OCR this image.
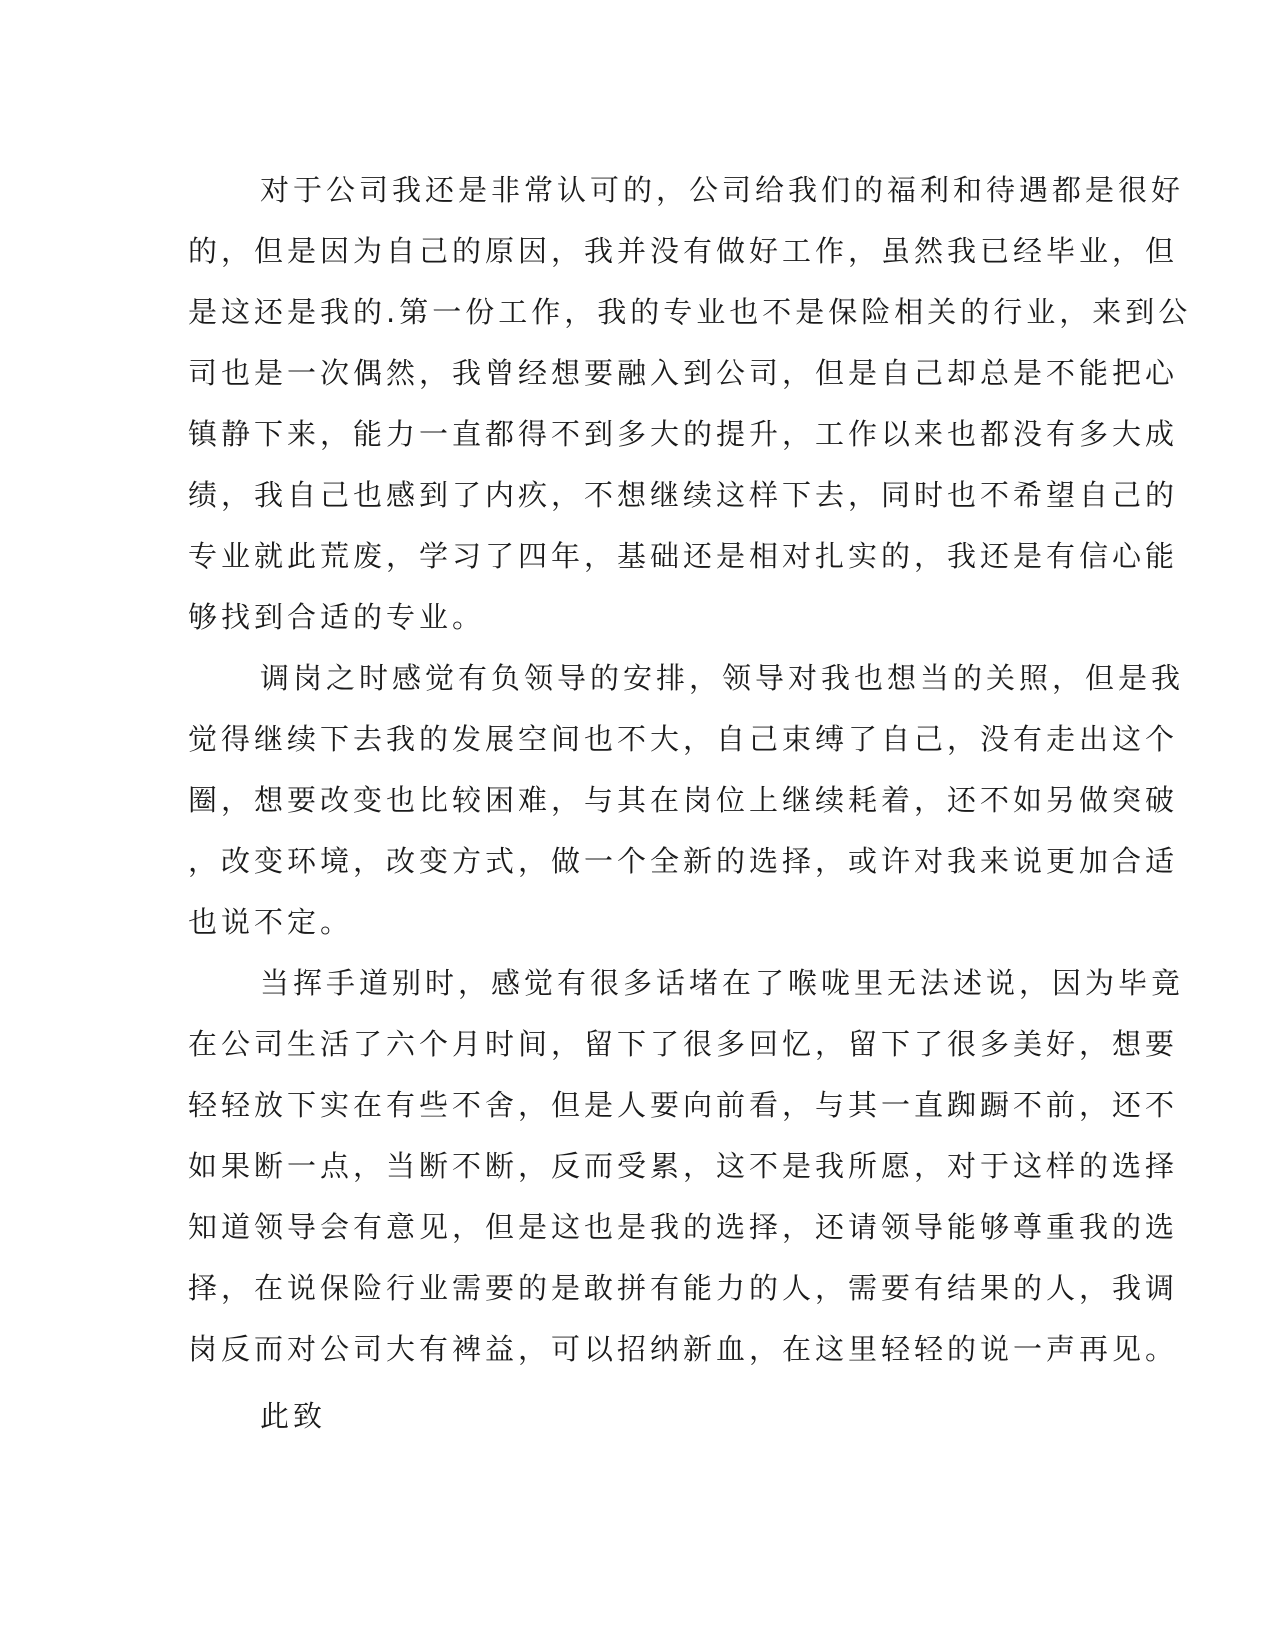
对于公司我还是非常认可的，公司给我们的福利和待遇都是很好
的，但是因为自己的原因，我并没有做好工作，虽然我已经毕业，但
是这还是我的.第一份工作，我的专业也不是保险相关的行业，来到公
司也是一次偶然，我曾经想要融入到公司，但是自己却总是不能把心
镇静下来，能力一直都得不到多大的提升，工作以来也都没有多大成
绩，我自己也感到了内疚，不想继续这样下去，同时也不希望自己的
专业就此荒废，学习了四年，基础还是相对扎实的，我还是有信心能
够找到合适的专业。
调岗之时感觉有负领导的安排，领导对我也想当的关照，但是我
觉得继续下去我的发展空间也不大，自己束缚了自己，没有走出这个
圈，想要改变也比较困难，与其在岗位上继续耗着，还不如另做突破
，改变环境，改变方式，做一个全新的选择，或许对我来说更加合适
也说不定。
当挥手道别时，感觉有很多话堵在了喉咙里无法述说，因为毕竟
在公司生活了六个月时间，留下了很多回忆，留下了很多美好，想要
轻轻放下实在有些不舍，但是人要向前看，与其一直踟蹰不前，还不
如果断一点，当断不断，反而受累，这不是我所愿，对于这样的选择
知道领导会有意见，但是这也是我的选择，还请领导能够尊重我的选
择，在说保险行业需要的是敢拼有能力的人，需要有结果的人，我调
岗反而对公司大有裨益，可以招纳新血，在这里轻轻的说一声再见。
此致
